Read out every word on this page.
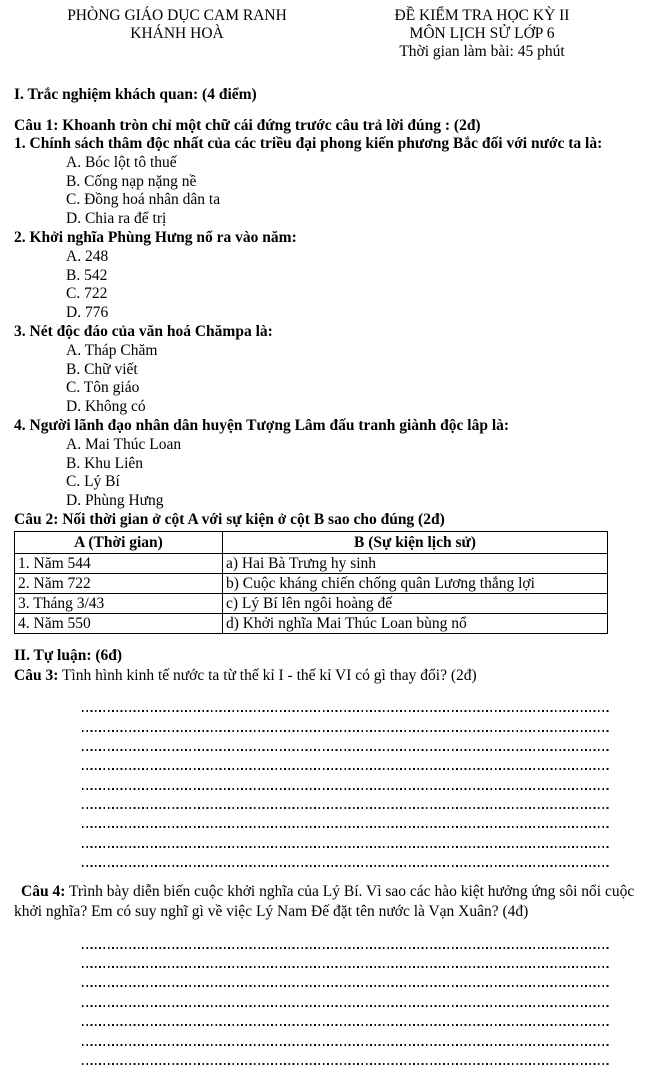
PHÒNG GIÁO DỤC CAM RANH
KHÁNH HOÀ
ĐỀ KIỂM TRA HỌC KỲ II
MÔN LỊCH SỬ LỚP 6
Thời gian làm bài: 45 phút
I. Trắc nghiệm khách quan: (4 điểm)
Câu 1: Khoanh tròn chỉ một chữ cái đứng trước câu trả lời đúng : (2đ)
1. Chính sách thâm độc nhất của các triều đại phong kiến phương Bắc đối với nước ta là:
A. Bóc lột tô thuế
B. Cống nạp nặng nề
C. Đồng hoá nhân dân ta
D. Chia ra để trị
2. Khởi nghĩa Phùng Hưng nổ ra vào năm:
A. 248
B. 542
C. 722
D. 776
3. Nét độc đáo của văn hoá Chămpa là:
A. Tháp Chăm
B. Chữ viết
C. Tôn giáo
D. Không có
4. Người lãnh đạo nhân dân huyện Tượng Lâm đấu tranh giành độc lâp là:
A. Mai Thúc Loan
B. Khu Liên
C. Lý Bí
D. Phùng Hưng
Câu 2: Nối thời gian ở cột A với sự kiện ở cột B sao cho đúng (2đ)
A (Thời gian)	B (Sự kiện lịch sử)
1. Năm 544	a) Hai Bà Trưng hy sinh
2. Năm 722	b) Cuộc kháng chiến chống quân Lương thắng lợi
3. Tháng 3/43	c) Lý Bí lên ngôi hoàng đế
4. Năm 550	d) Khởi nghĩa Mai Thúc Loan bùng nổ
II. Tự luận: (6đ)
Câu 3: Tình hình kinh tế nước ta từ thế kỉ I - thế kỉ VI có gì thay đổi? (2đ)
Câu 4: Trình bày diễn biến cuộc khởi nghĩa của Lý Bí. Vì sao các hào kiệt hưởng ứng sôi nổi cuộc khởi nghĩa? Em có suy nghĩ gì về việc Lý Nam Đế đặt tên nước là Vạn Xuân? (4đ)
